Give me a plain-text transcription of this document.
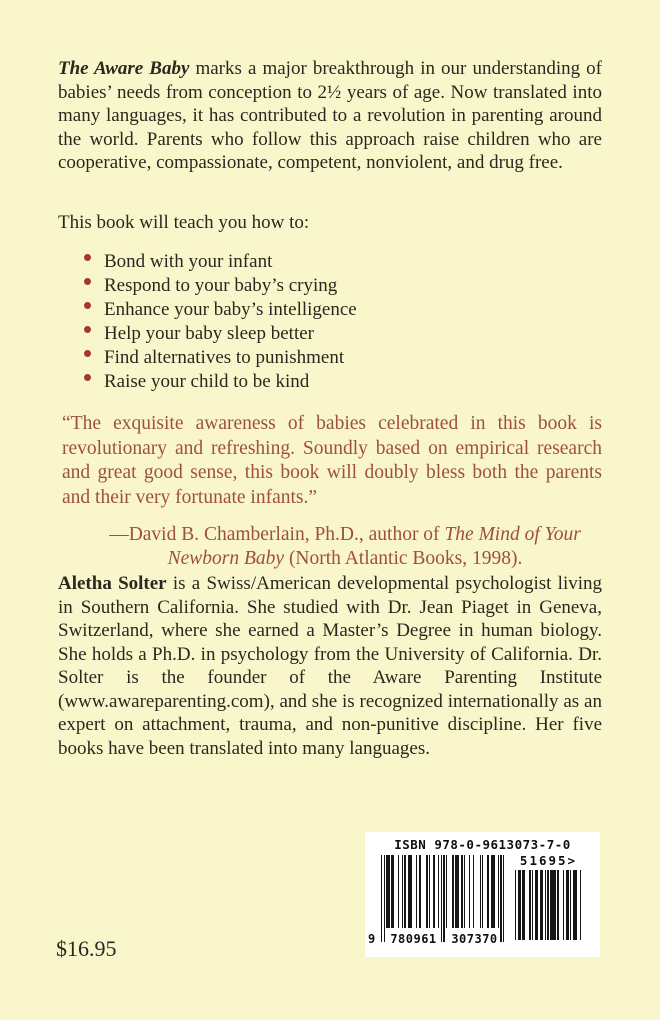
The Aware Baby marks a major breakthrough in our understanding of babies’ needs from conception to 2½ years of age. Now translated into many languages, it has contributed to a revolution in parenting around the world. Parents who follow this approach raise children who are cooperative, compassionate, competent, nonviolent, and drug free.

This book will teach you how to:

Bond with your infant
Respond to your baby’s crying
Enhance your baby’s intelligence
Help your baby sleep better
Find alternatives to punishment
Raise your child to be kind

“The exquisite awareness of babies celebrated in this book is revolutionary and refreshing. Soundly based on empirical research and great good sense, this book will doubly bless both the parents and their very fortunate infants.”

—David B. Chamberlain, Ph.D., author of The Mind of Your Newborn Baby (North Atlantic Books, 1998).

Aletha Solter is a Swiss/American developmental psychologist living in Southern California. She studied with Dr. Jean Piaget in Geneva, Switzerland, where she earned a Master’s Degree in human biology. She holds a Ph.D. in psychology from the University of California. Dr. Solter is the founder of the Aware Parenting Institute (www.awareparenting.com), and she is recognized internationally as an expert on attachment, trauma, and non-punitive discipline. Her five books have been translated into many languages.

ISBN 978-0-9613073-7-0
9	780961	307370
51695>
$16.95
